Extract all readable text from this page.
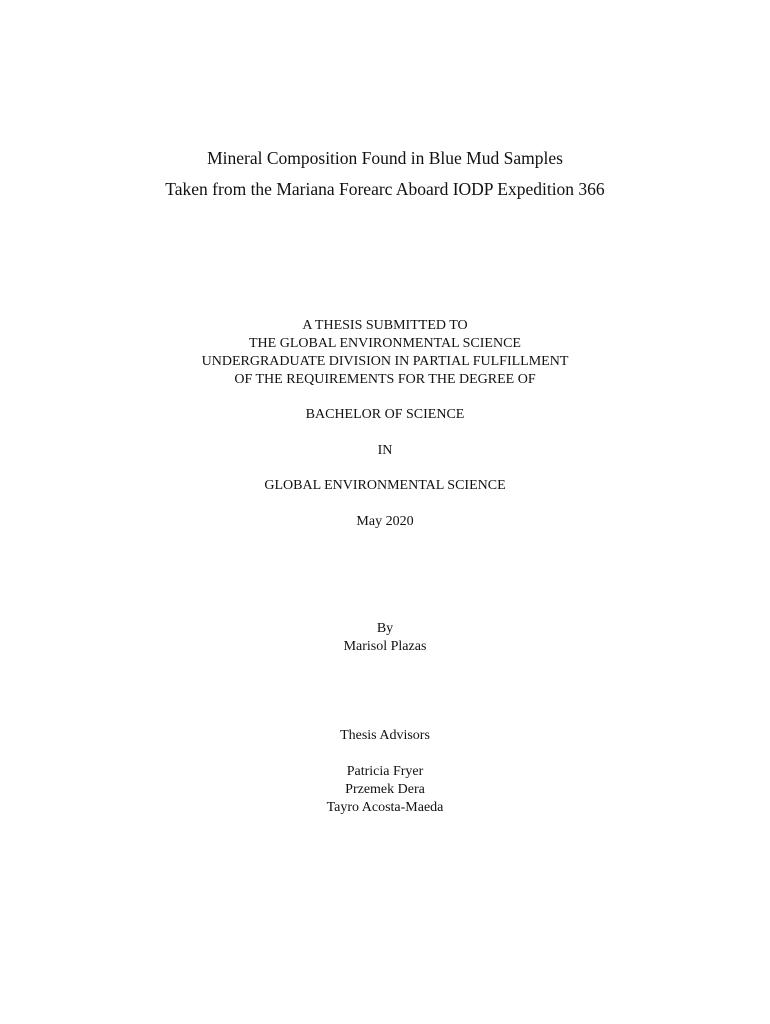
Mineral Composition Found in Blue Mud Samples
Taken from the Mariana Forearc Aboard IODP Expedition 366
A THESIS SUBMITTED TO
THE GLOBAL ENVIRONMENTAL SCIENCE
UNDERGRADUATE DIVISION IN PARTIAL FULFILLMENT
OF THE REQUIREMENTS FOR THE DEGREE OF
BACHELOR OF SCIENCE
IN
GLOBAL ENVIRONMENTAL SCIENCE
May 2020
By
Marisol Plazas
Thesis Advisors
Patricia Fryer
Przemek Dera
Tayro Acosta-Maeda
